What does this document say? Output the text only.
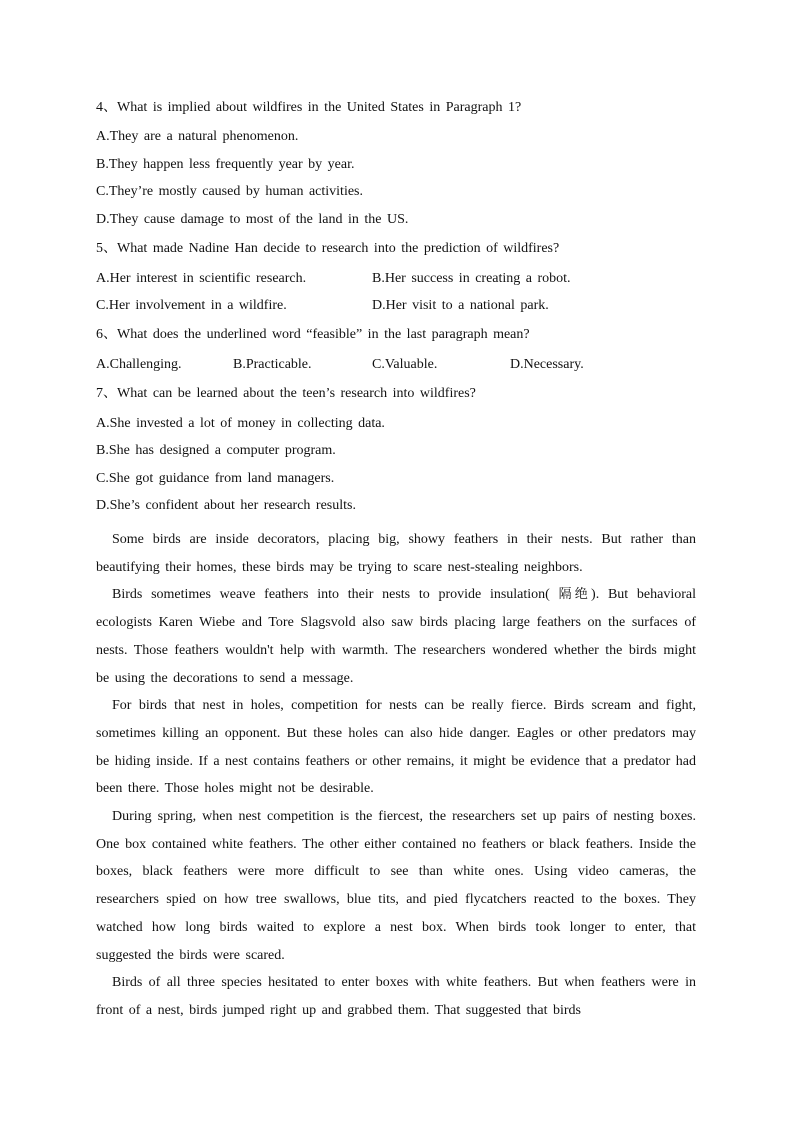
4、What is implied about wildfires in the United States in Paragraph 1?
A.They are a natural phenomenon.
B.They happen less frequently year by year.
C.They’re mostly caused by human activities.
D.They cause damage to most of the land in the US.
5、What made Nadine Han decide to research into the prediction of wildfires?
A.Her interest in scientific research.	B.Her success in creating a robot.
C.Her involvement in a wildfire.	D.Her visit to a national park.
6、What does the underlined word “feasible” in the last paragraph mean?
A.Challenging.	B.Practicable.	C.Valuable.	D.Necessary.
7、What can be learned about the teen’s research into wildfires?
A.She invested a lot of money in collecting data.
B.She has designed a computer program.
C.She got guidance from land managers.
D.She’s confident about her research results.

Some birds are inside decorators, placing big, showy feathers in their nests. But rather than beautifying their homes, these birds may be trying to scare nest-stealing neighbors.

Birds sometimes weave feathers into their nests to provide insulation( 隔绝). But behavioral ecologists Karen Wiebe and Tore Slagsvold also saw birds placing large feathers on the surfaces of nests. Those feathers wouldn't help with warmth. The researchers wondered whether the birds might be using the decorations to send a message.

For birds that nest in holes, competition for nests can be really fierce. Birds scream and fight, sometimes killing an opponent. But these holes can also hide danger. Eagles or other predators may be hiding inside. If a nest contains feathers or other remains, it might be evidence that a predator had been there. Those holes might not be desirable.

During spring, when nest competition is the fiercest, the researchers set up pairs of nesting boxes. One box contained white feathers. The other either contained no feathers or black feathers. Inside the boxes, black feathers were more difficult to see than white ones. Using video cameras, the researchers spied on how tree swallows, blue tits, and pied flycatchers reacted to the boxes. They watched how long birds waited to explore a nest box. When birds took longer to enter, that suggested the birds were scared.

Birds of all three species hesitated to enter boxes with white feathers. But when feathers were in front of a nest, birds jumped right up and grabbed them. That suggested that birds
